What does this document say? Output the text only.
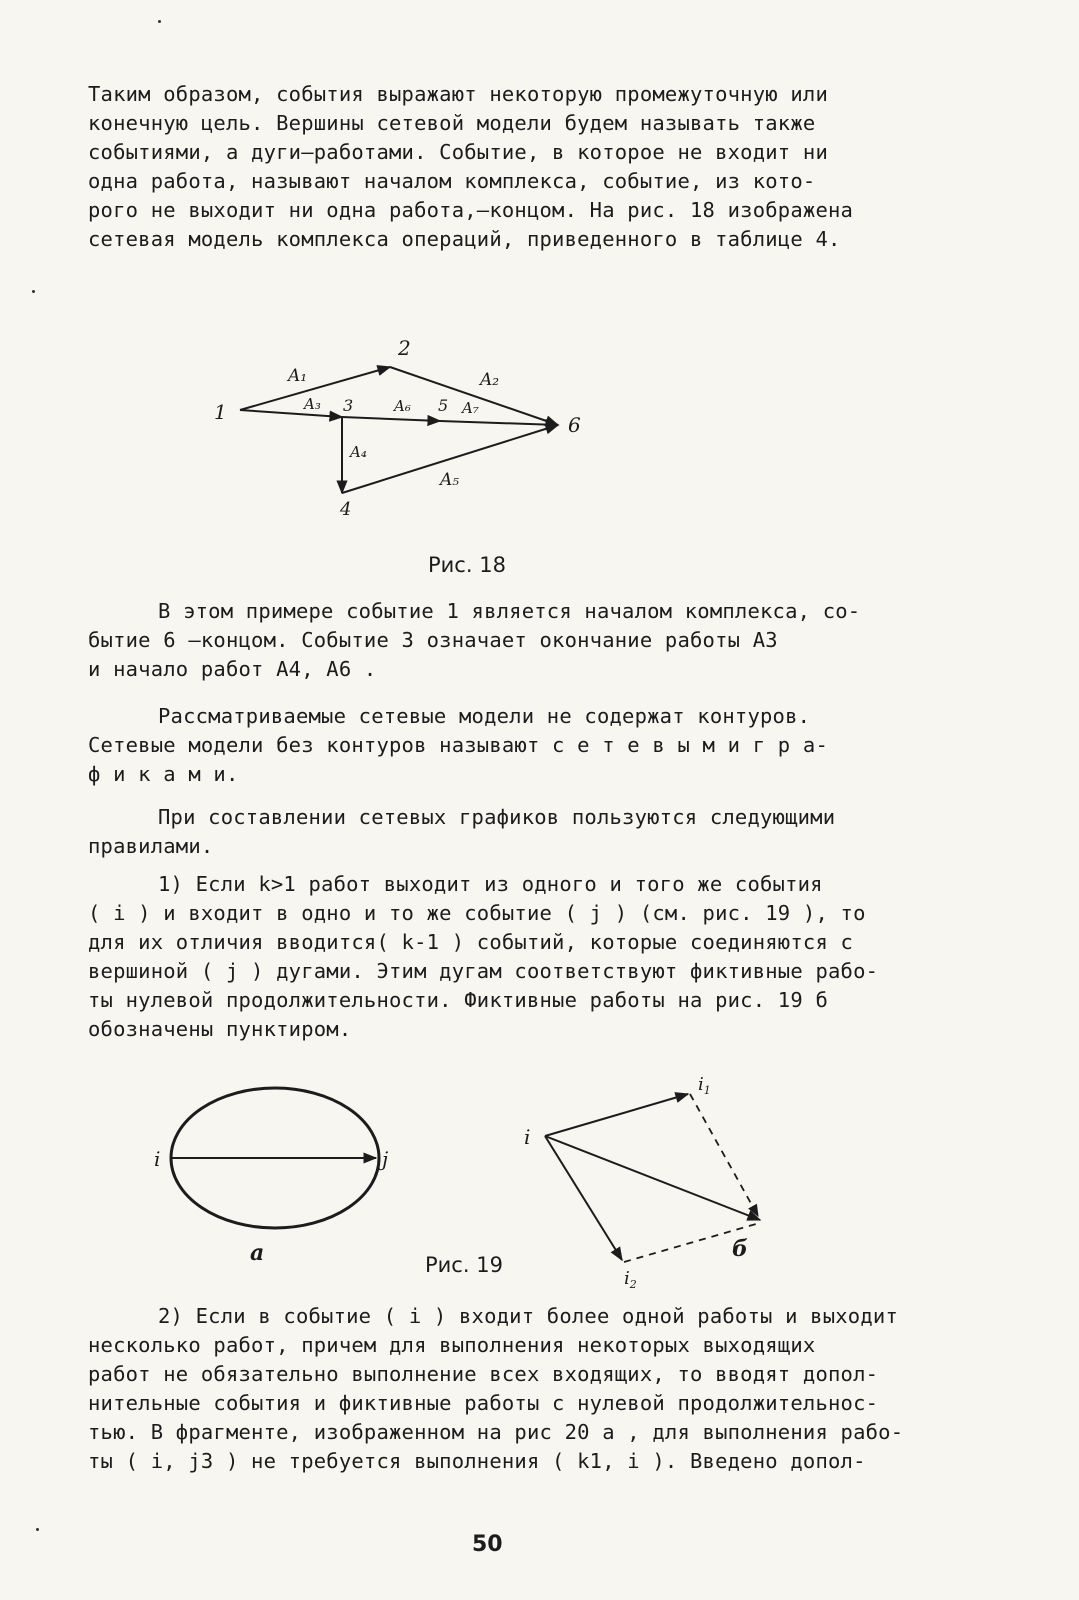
Таким образом, события выражают некоторую промежуточную или
конечную цель. Вершины сетевой модели будем называть также
событиями, а дуги–работами. Событие, в которое не входит ни
одна работа, называют началом комплекса, событие, из кото-
рого не выходит ни одна работа,–концом. На рис. 18 изображена
сетевая модель комплекса операций, приведенного в таблице 4.
1
2
3
4
5
6
A₁	A₂
A₃	A₆	A₇
A₄
A₅
Рис. 18
В этом примере событие 1 является началом комплекса, со-
бытие 6 –концом. Событие 3 означает окончание работы A3
и начало работ A4, A6 .
Рассматриваемые сетевые модели не содержат контуров.
Сетевые модели без контуров называют с е т е в ы м и г р а-
ф и к а м и.
При составлении сетевых графиков пользуются следующими
правилами.
1) Если k>1 работ выходит из одного и того же события
( i ) и входит в одно и то же событие ( j ) (см. рис. 19 ), то
для их отличия вводится( k-1 ) событий, которые соединяются с
вершиной ( j ) дугами. Этим дугам соответствуют фиктивные рабо-
ты нулевой продолжительности. Фиктивные работы на рис. 19 б
обозначены пунктиром.
i	j
а
i
$i_1$
$i_2$
б
Рис. 19
2) Если в событие ( i ) входит более одной работы и выходит
несколько работ, причем для выполнения некоторых выходящих
работ не обязательно выполнение всех входящих, то вводят допол-
нительные события и фиктивные работы с нулевой продолжительнос-
тью. В фрагменте, изображенном на рис 20 а , для выполнения рабо-
ты ( i, j3 ) не требуется выполнения ( k1, i ). Введено допол-
50
